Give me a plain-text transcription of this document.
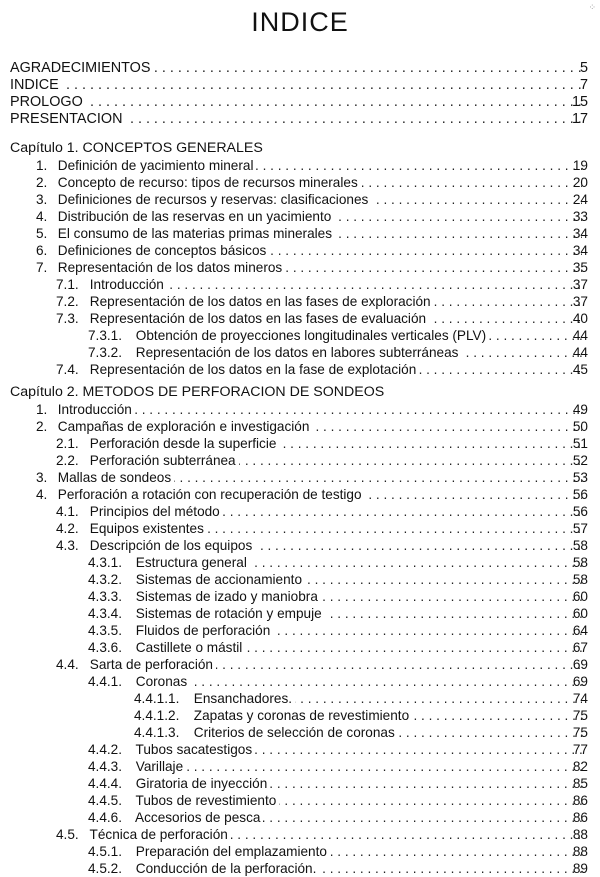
⁘
INDICE
AGRADECIMIENTOS . . .	5
INDICE . . .	7
PROLOGO . . .	15
PRESENTACION . . .	17
Capítulo 1. CONCEPTOS GENERALES
1. Definición de yacimiento mineral . . .	19
2. Concepto de recurso: tipos de recursos minerales . . .	20
3. Definiciones de recursos y reservas: clasificaciones . . .	24
4. Distribución de las reservas en un yacimiento . . .	33
5. El consumo de las materias primas minerales . . .	34
6. Definiciones de conceptos básicos . . .	34
7. Representación de los datos mineros . . .	35
7.1. Introducción . . .	37
7.2. Representación de los datos en las fases de exploración . . .	37
7.3. Representación de los datos en las fases de evaluación . . .	40
7.3.1. Obtención de proyecciones longitudinales verticales (PLV) . . .	44
7.3.2. Representación de los datos en labores subterráneas . . .	44
7.4. Representación de los datos en la fase de explotación . . .	45
Capítulo 2. METODOS DE PERFORACION DE SONDEOS
1. Introducción . . .	49
2. Campañas de exploración e investigación . . .	50
2.1. Perforación desde la superficie . . .	51
2.2. Perforación subterránea . . .	52
3. Mallas de sondeos . . .	53
4. Perforación a rotación con recuperación de testigo . . .	56
4.1. Principios del método . . .	56
4.2. Equipos existentes . . .	57
4.3. Descripción de los equipos . . .	58
4.3.1. Estructura general . . .	58
4.3.2. Sistemas de accionamiento . . .	58
4.3.3. Sistemas de izado y maniobra . . .	60
4.3.4. Sistemas de rotación y empuje . . .	60
4.3.5. Fluidos de perforación . . .	64
4.3.6. Castillete o mástil . . .	67
4.4. Sarta de perforación . . .	69
4.4.1. Coronas . . .	69
4.4.1.1. Ensanchadores. . . .	74
4.4.1.2. Zapatas y coronas de revestimiento . . .	75
4.4.1.3. Criterios de selección de coronas . . .	75
4.4.2. Tubos sacatestigos . . .	77
4.4.3. Varillaje . . .	82
4.4.4. Giratoria de inyección . . .	85
4.4.5. Tubos de revestimiento . . .	86
4.4.6. Accesorios de pesca . . .	86
4.5. Técnica de perforación . . .	88
4.5.1. Preparación del emplazamiento . . .	88
4.5.2. Conducción de la perforación. . . .	89
